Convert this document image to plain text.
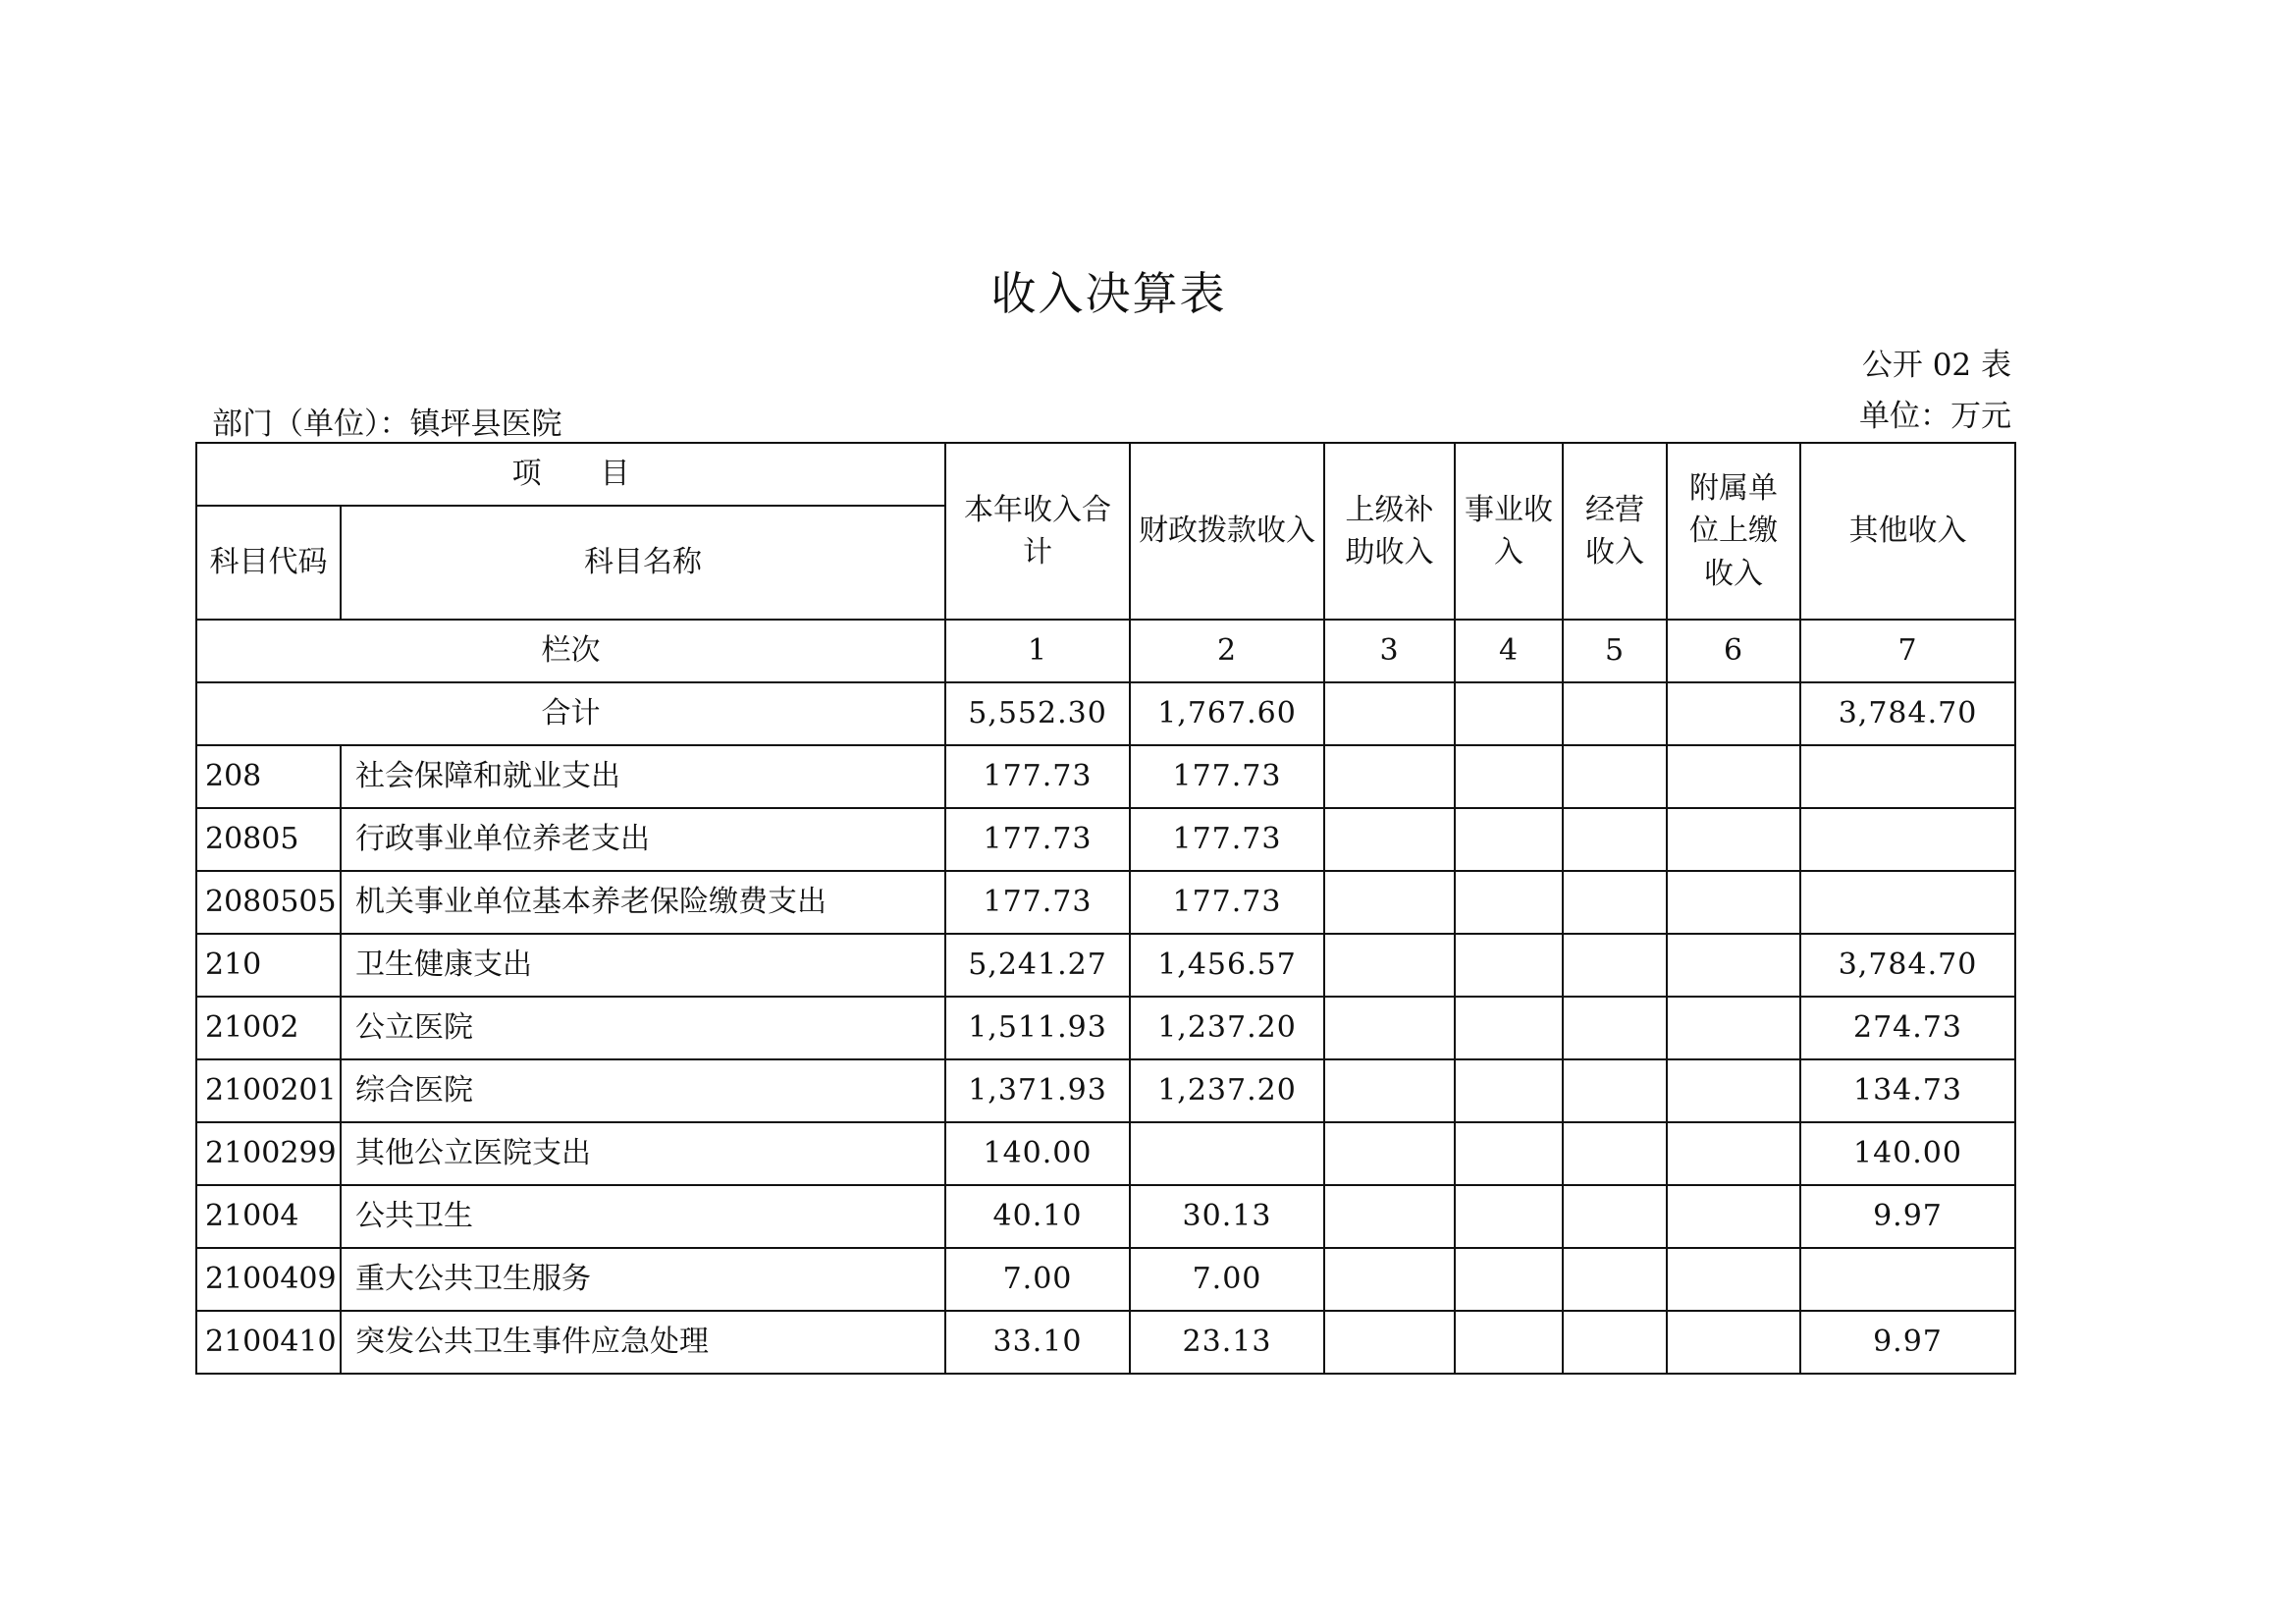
收入决算表
公开 02 表
部门（单位）：镇坪县医院	单位：万元
项　　目		本年收入合计	财政拨款收入	上级补助收入	事业收入	经营收入	附属单位上缴收入	其他收入
科目代码	科目名称							
栏次		1	2	3	4	5	6	7
合计		5,552.30	1,767.60					3,784.70
208	社会保障和就业支出	177.73	177.73					
20805	行政事业单位养老支出	177.73	177.73					
2080505	机关事业单位基本养老保险缴费支出	177.73	177.73					
210	卫生健康支出	5,241.27	1,456.57					3,784.70
21002	公立医院	1,511.93	1,237.20					274.73
2100201	综合医院	1,371.93	1,237.20					134.73
2100299	其他公立医院支出	140.00						140.00
21004	公共卫生	40.10	30.13					9.97
2100409	重大公共卫生服务	7.00	7.00					
2100410	突发公共卫生事件应急处理	33.10	23.13					9.97
